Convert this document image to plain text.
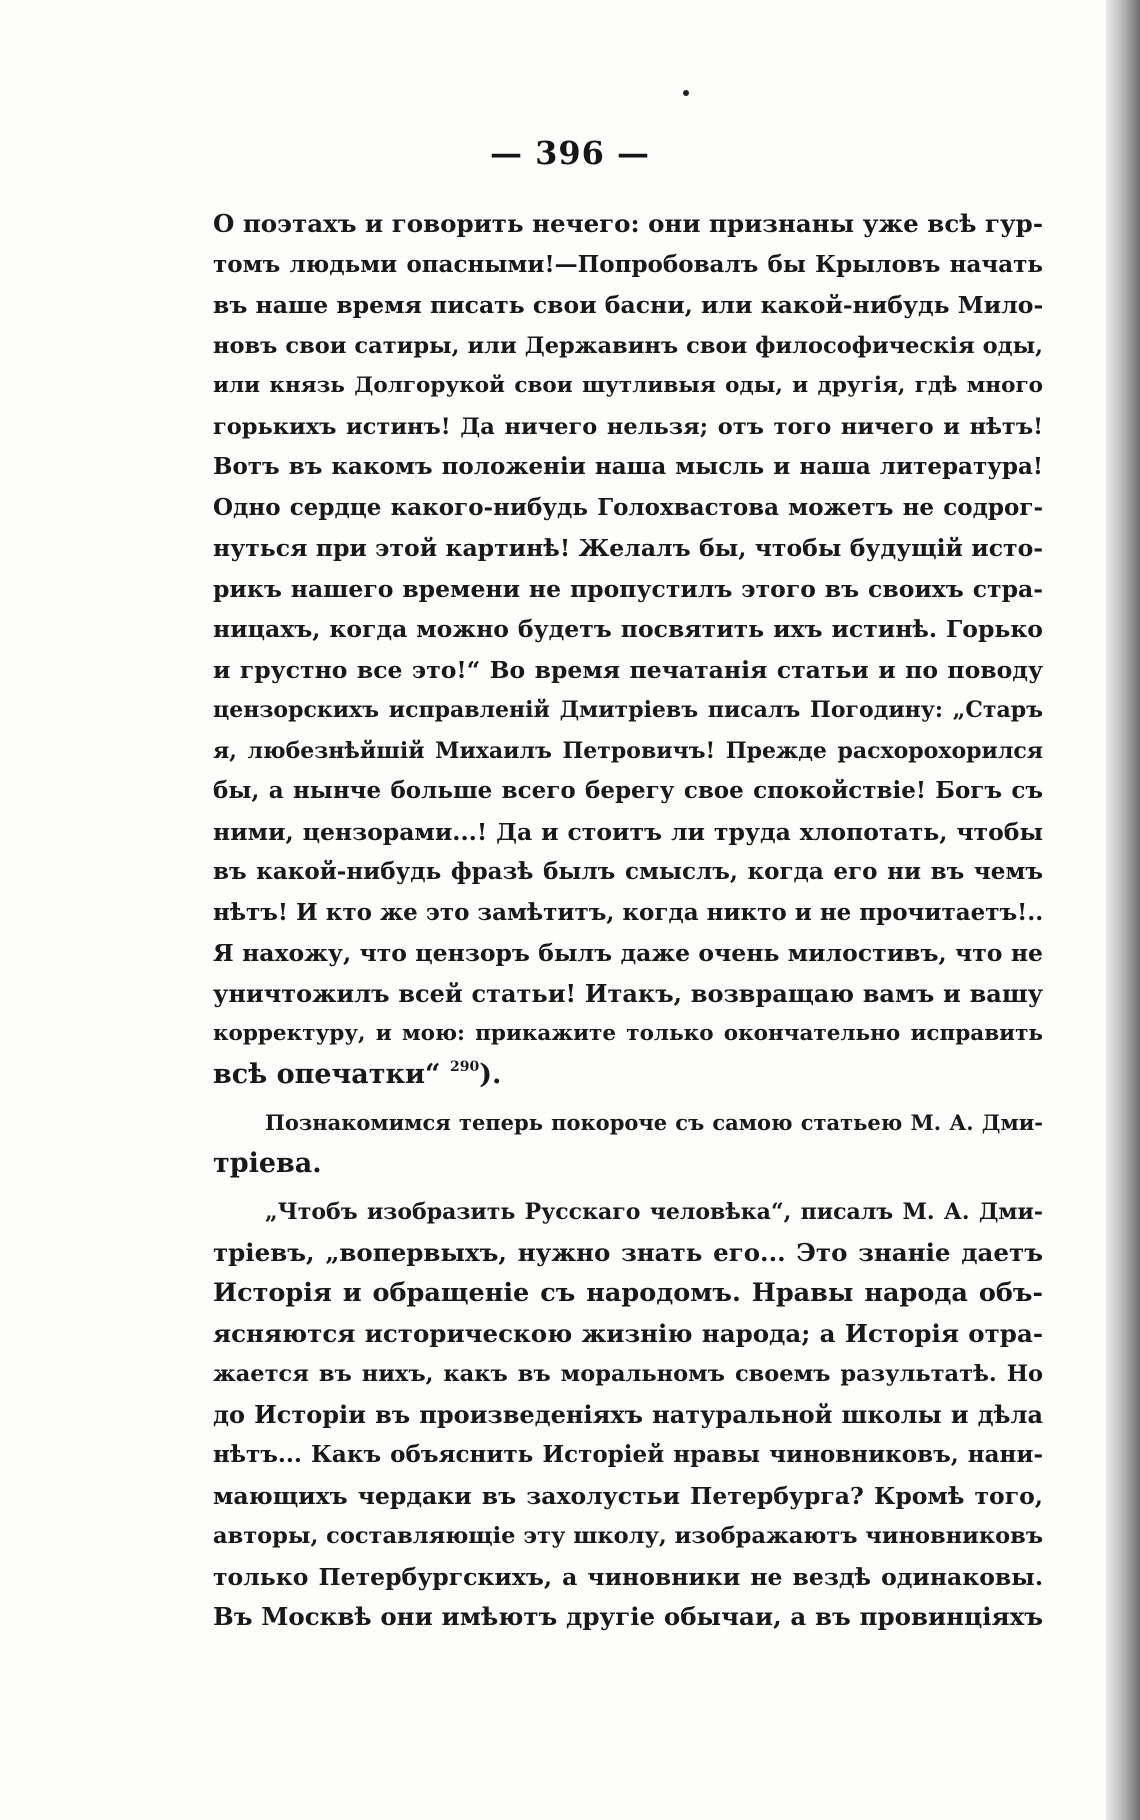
— 396 —
О поэтахъ и говорить нечего: они признаны уже всѣ гур-
томъ людьми опасными!—Попробовалъ бы Крыловъ начать
въ наше время писать свои басни, или какой-нибудь Мило-
новъ свои сатиры, или Державинъ свои философическія оды,
или князь Долгорукой свои шутливыя оды, и другія, гдѣ много
горькихъ истинъ! Да ничего нельзя; отъ того ничего и нѣтъ!
Вотъ въ какомъ положеніи наша мысль и наша литература!
Одно сердце какого-нибудь Голохвастова можетъ не содрог-
нуться при этой картинѣ! Желалъ бы, чтобы будущій исто-
рикъ нашего времени не пропустилъ этого въ своихъ стра-
ницахъ, когда можно будетъ посвятить ихъ истинѣ. Горько
и грустно все это!“ Во время печатанія статьи и по поводу
цензорскихъ исправленій Дмитріевъ писалъ Погодину: „Старъ
я, любезнѣйшій Михаилъ Петровичъ! Прежде расхорохорился
бы, а нынче больше всего берегу свое спокойствіе! Богъ съ
ними, цензорами...! Да и стоитъ ли труда хлопотать, чтобы
въ какой-нибудь фразѣ былъ смыслъ, когда его ни въ чемъ
нѣтъ! И кто же это замѣтитъ, когда никто и не прочитаетъ!..
Я нахожу, что цензоръ былъ даже очень милостивъ, что не
уничтожилъ всей статьи! Итакъ, возвращаю вамъ и вашу
корректуру, и мою: прикажите только окончательно исправить
всѣ опечатки“ $^{290}$).
Познакомимся теперь покороче съ самою статьею М. А. Дми-
тріева.
„Чтобъ изобразить Русскаго человѣка“, писалъ М. А. Дми-
тріевъ, „вопервыхъ, нужно знать его... Это знаніе даетъ
Исторія и обращеніе съ народомъ. Нравы народа объ-
ясняются историческою жизнію народа; а Исторія отра-
жается въ нихъ, какъ въ моральномъ своемъ разультатѣ. Но
до Исторіи въ произведеніяхъ натуральной школы и дѣла
нѣтъ... Какъ объяснить Исторіей нравы чиновниковъ, нани-
мающихъ чердаки въ захолустьи Петербурга? Кромѣ того,
авторы, составляющіе эту школу, изображаютъ чиновниковъ
только Петербургскихъ, а чиновники не вездѣ одинаковы.
Въ Москвѣ они имѣютъ другіе обычаи, а въ провинціяхъ
